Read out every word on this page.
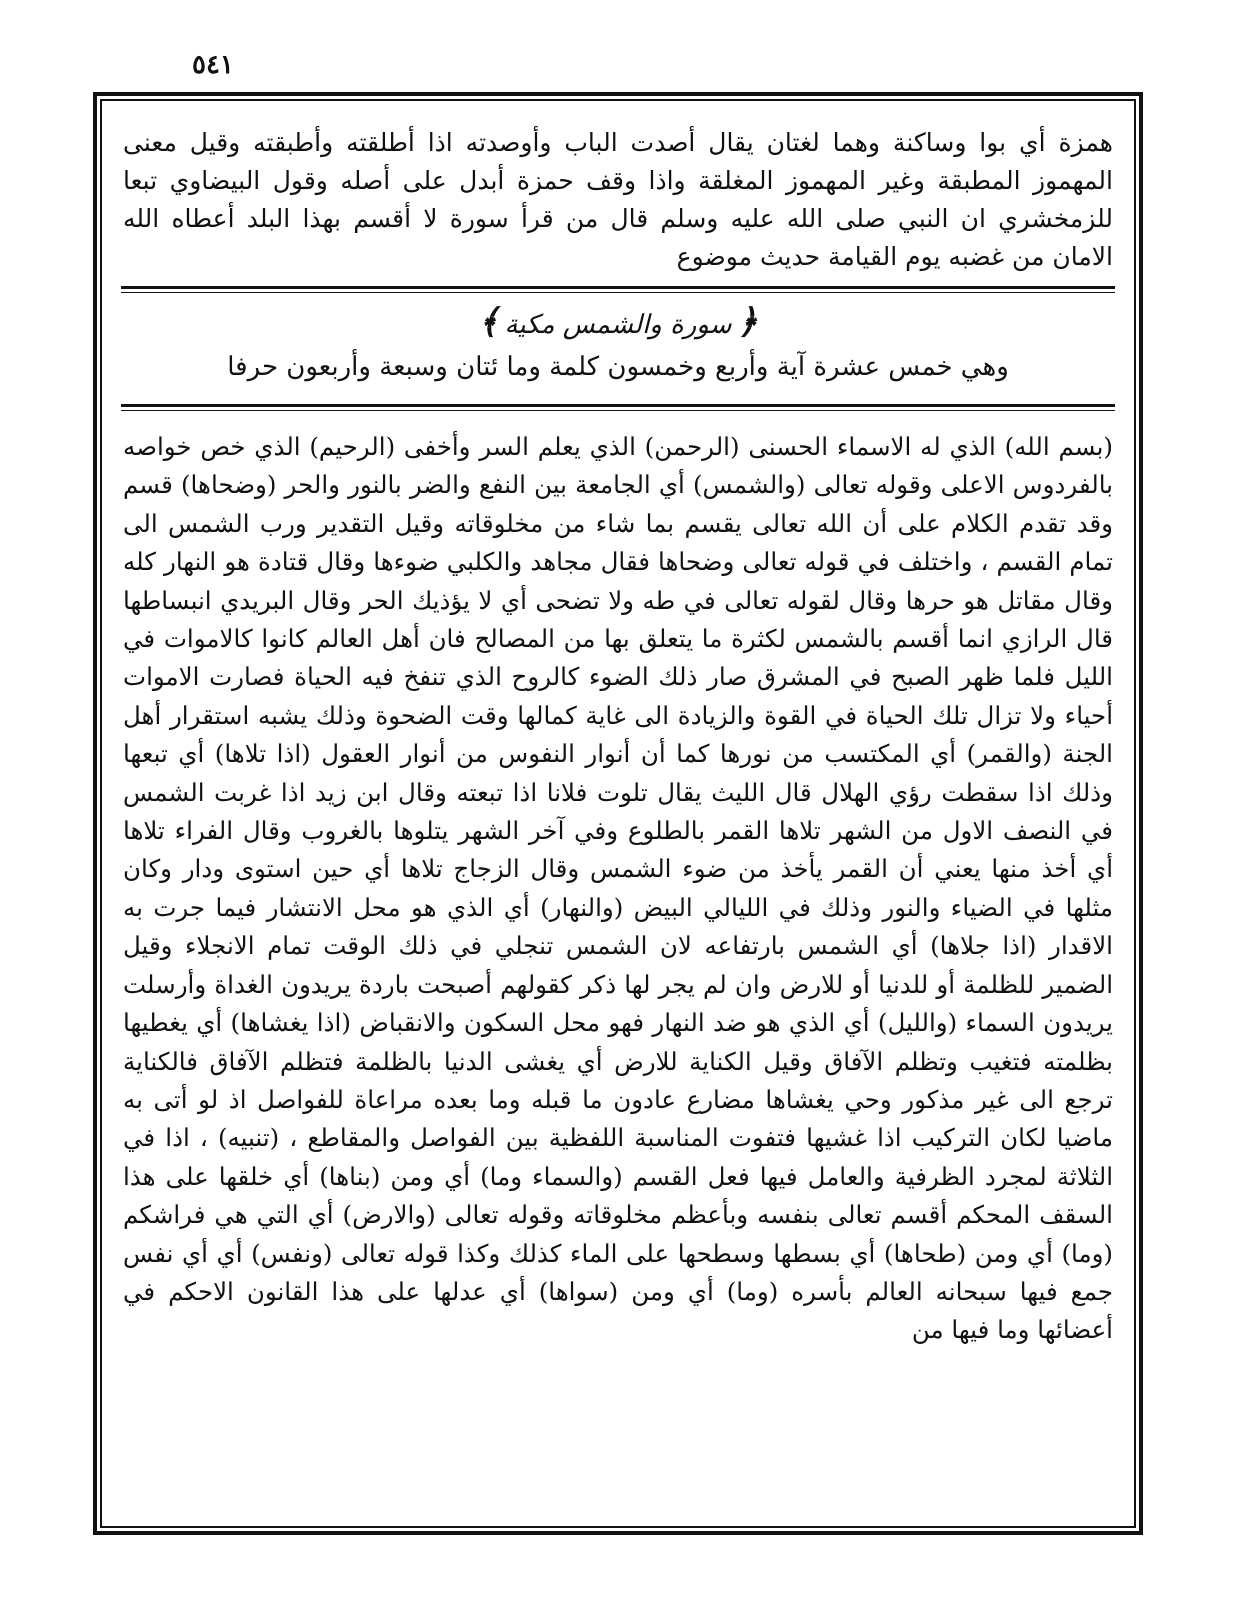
٥٤١
همزة أي بوا وساكنة وهما لغتان يقال أصدت الباب وأوصدته اذا أطلقته وأطبقته وقيل معنى المهموز المطبقة وغير المهموز المغلقة واذا وقف حمزة أبدل على أصله وقول البيضاوي تبعا للزمخشري ان النبي صلى الله عليه وسلم قال من قرأ سورة لا أقسم بهذا البلد أعطاه الله الامان من غضبه يوم القيامة حديث موضوع
﴿سورة والشمس مكية﴾
وهي خمس عشرة آية وأربع وخمسون كلمة وما ئتان وسبعة وأربعون حرفا

(بسم الله) الذي له الاسماء الحسنى (الرحمن) الذي يعلم السر وأخفى (الرحيم) الذي خص خواصه بالفردوس الاعلى وقوله تعالى (والشمس) أي الجامعة بين النفع والضر بالنور والحر (وضحاها) قسم وقد تقدم الكلام على أن الله تعالى يقسم بما شاء من مخلوقاته وقيل التقدير ورب الشمس الى تمام القسم ، واختلف في قوله تعالى وضحاها فقال مجاهد والكلبي ضوءها وقال قتادة هو النهار كله وقال مقاتل هو حرها وقال لقوله تعالى في طه ولا تضحى أي لا يؤذيك الحر وقال البريدي انبساطها قال الرازي انما أقسم بالشمس لكثرة ما يتعلق بها من المصالح فان أهل العالم كانوا كالاموات في الليل فلما ظهر الصبح في المشرق صار ذلك الضوء كالروح الذي تنفخ فيه الحياة فصارت الاموات أحياء ولا تزال تلك الحياة في القوة والزيادة الى غاية كمالها وقت الضحوة وذلك يشبه استقرار أهل الجنة (والقمر) أي المكتسب من نورها كما أن أنوار النفوس من أنوار العقول (اذا تلاها) أي تبعها وذلك اذا سقطت رؤي الهلال قال الليث يقال تلوت فلانا اذا تبعته وقال ابن زيد اذا غربت الشمس في النصف الاول من الشهر تلاها القمر بالطلوع وفي آخر الشهر يتلوها بالغروب وقال الفراء تلاها أي أخذ منها يعني أن القمر يأخذ من ضوء الشمس وقال الزجاج تلاها أي حين استوى ودار وكان مثلها في الضياء والنور وذلك في الليالي البيض (والنهار) أي الذي هو محل الانتشار فيما جرت به الاقدار (اذا جلاها) أي الشمس بارتفاعه لان الشمس تنجلي في ذلك الوقت تمام الانجلاء وقيل الضمير للظلمة أو للدنيا أو للارض وان لم يجر لها ذكر كقولهم أصبحت باردة يريدون الغداة وأرسلت يريدون السماء (والليل) أي الذي هو ضد النهار فهو محل السكون والانقباض (اذا يغشاها) أي يغطيها بظلمته فتغيب وتظلم الآفاق وقيل الكناية للارض أي يغشى الدنيا بالظلمة فتظلم الآفاق فالكناية ترجع الى غير مذكور وحي يغشاها مضارع عادون ما قبله وما بعده مراعاة للفواصل اذ لو أتى به ماضيا لكان التركيب اذا غشيها فتفوت المناسبة اللفظية بين الفواصل والمقاطع ، (تنبيه) ، اذا في الثلاثة لمجرد الظرفية والعامل فيها فعل القسم (والسماء وما) أي ومن (بناها) أي خلقها على هذا السقف المحكم أقسم تعالى بنفسه وبأعظم مخلوقاته وقوله تعالى (والارض) أي التي هي فراشكم (وما) أي ومن (طحاها) أي بسطها وسطحها على الماء كذلك وكذا قوله تعالى (ونفس) أي أي نفس جمع فيها سبحانه العالم بأسره (وما) أي ومن (سواها) أي عدلها على هذا القانون الاحكم في أعضائها وما فيها من
